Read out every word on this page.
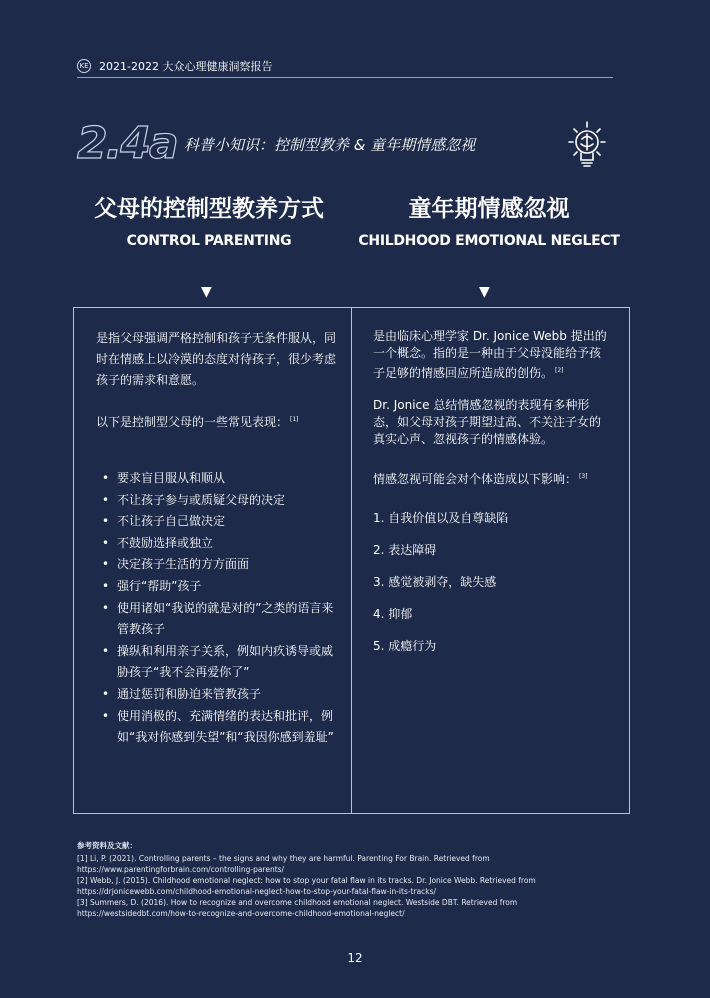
KE 2021-2022 大众心理健康洞察报告
2.4a 科普小知识：控制型教养 & 童年期情感忽视
父母的控制型教养方式
CONTROL PARENTING
童年期情感忽视
CHILDHOOD EMOTIONAL NEGLECT
▼	▼

是指父母强调严格控制和孩子无条件服从，同时在情感上以冷漠的态度对待孩子，很少考虑孩子的需求和意愿。

以下是控制型父母的一些常见表现： [1]

• 要求盲目服从和顺从
• 不让孩子参与或质疑父母的决定
• 不让孩子自己做决定
• 不鼓励选择或独立
• 决定孩子生活的方方面面
• 强行“帮助”孩子
• 使用诸如“我说的就是对的”之类的语言来管教孩子
• 操纵和利用亲子关系，例如内疚诱导或威胁孩子“我不会再爱你了”
• 通过惩罚和胁迫来管教孩子
• 使用消极的、充满情绪的表达和批评，例如“我对你感到失望”和“我因你感到羞耻”

是由临床心理学家 Dr. Jonice Webb 提出的一个概念。指的是一种由于父母没能给予孩子足够的情感回应所造成的创伤。 [2]

Dr. Jonice 总结情感忽视的表现有多种形态，如父母对孩子期望过高、不关注子女的真实心声、忽视孩子的情感体验。

情感忽视可能会对个体造成以下影响： [3]

1. 自我价值以及自尊缺陷
2. 表达障碍
3. 感觉被剥夺，缺失感
4. 抑郁
5. 成瘾行为
参考资料及文献：
[1] Li, P. (2021). Controlling parents – the signs and why they are harmful. Parenting For Brain. Retrieved from https://www.parentingforbrain.com/controlling-parents/
[2] Webb, J. (2015). Childhood emotional neglect: how to stop your fatal flaw in its tracks. Dr. Jonice Webb. Retrieved from https://drjonicewebb.com/childhood-emotional-neglect-how-to-stop-your-fatal-flaw-in-its-tracks/
[3] Summers, D. (2016). How to recognize and overcome childhood emotional neglect. Westside DBT. Retrieved from https://westsidedbt.com/how-to-recognize-and-overcome-childhood-emotional-neglect/
12
